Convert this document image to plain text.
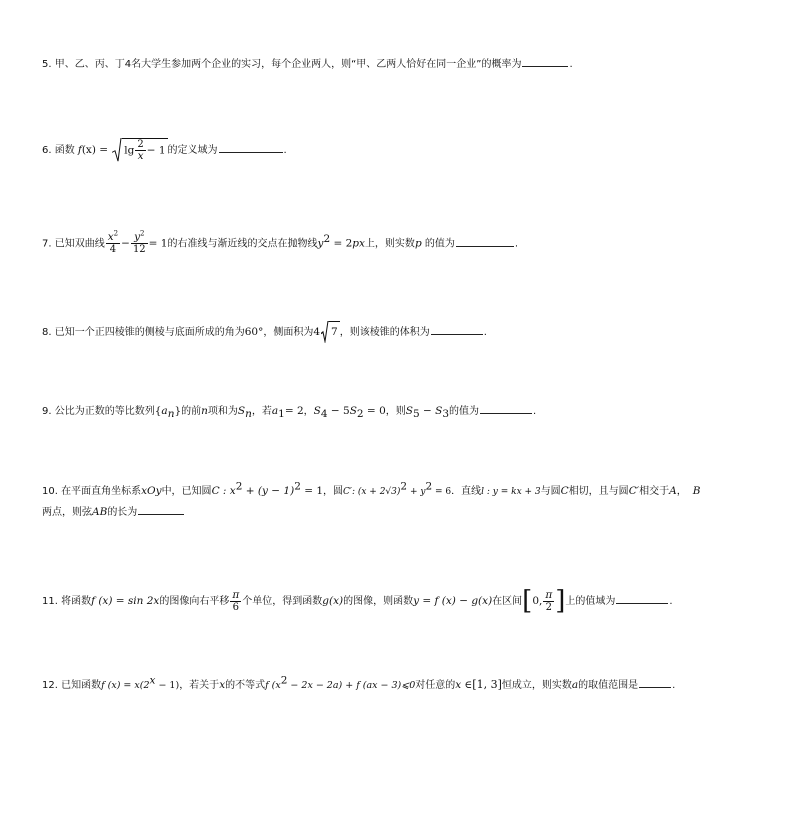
5. 甲、乙、丙、丁4名大学生参加两个企业的实习，每个企业两人，则“甲、乙两人恰好在同一企业”的概率为	.
6. 函数 $f(x) = \lg \frac{2}{x} - 1$ 的定义域为	.
7. 已知双曲线 $\frac{x^2}{4} - \frac{y^2}{12} = 1$的右准线与渐近线的交点在抛物线$y^2 = 2px$上，则实数p 的值为	.
8. 已知一个正四棱锥的侧棱与底面所成的角为60°，侧面积为4 7 ，则该棱锥的体积为	.
9. 公比为正数的等比数列$\{a_n\}$的前n项和为$S_n$，若$a_1= 2$，$S_4 - 5S_2 = 0$，则$S_5 - S_3$的值为	.
10. 在平面直角坐标系xOy中，已知圆C : $x^2 + (y - 1)^2 = 1$，圆C′: $(x + 2√3)^2 + y^2 = 6$．直线l : y = kx + 3与圆C相切，且与圆C′相交于A， B
两点，则弦AB的长为
11. 将函数f (x) = sin 2x的图像向右平移 $\frac{\pi}{6}$ 个单位，得到函数g(x)的图像，则函数y = f (x) − g(x)在区间[0, $\frac{\pi}{2}$ ]上的值域为	.
12. 已知函数f $(x) = x(2^x - 1)$，若关于x的不等式f $(x^2 - 2x - 2a) + f$ (ax − 3)⩽0对任意的x ∈[1, 3]恒成立，则实数a的取值范围是	.
